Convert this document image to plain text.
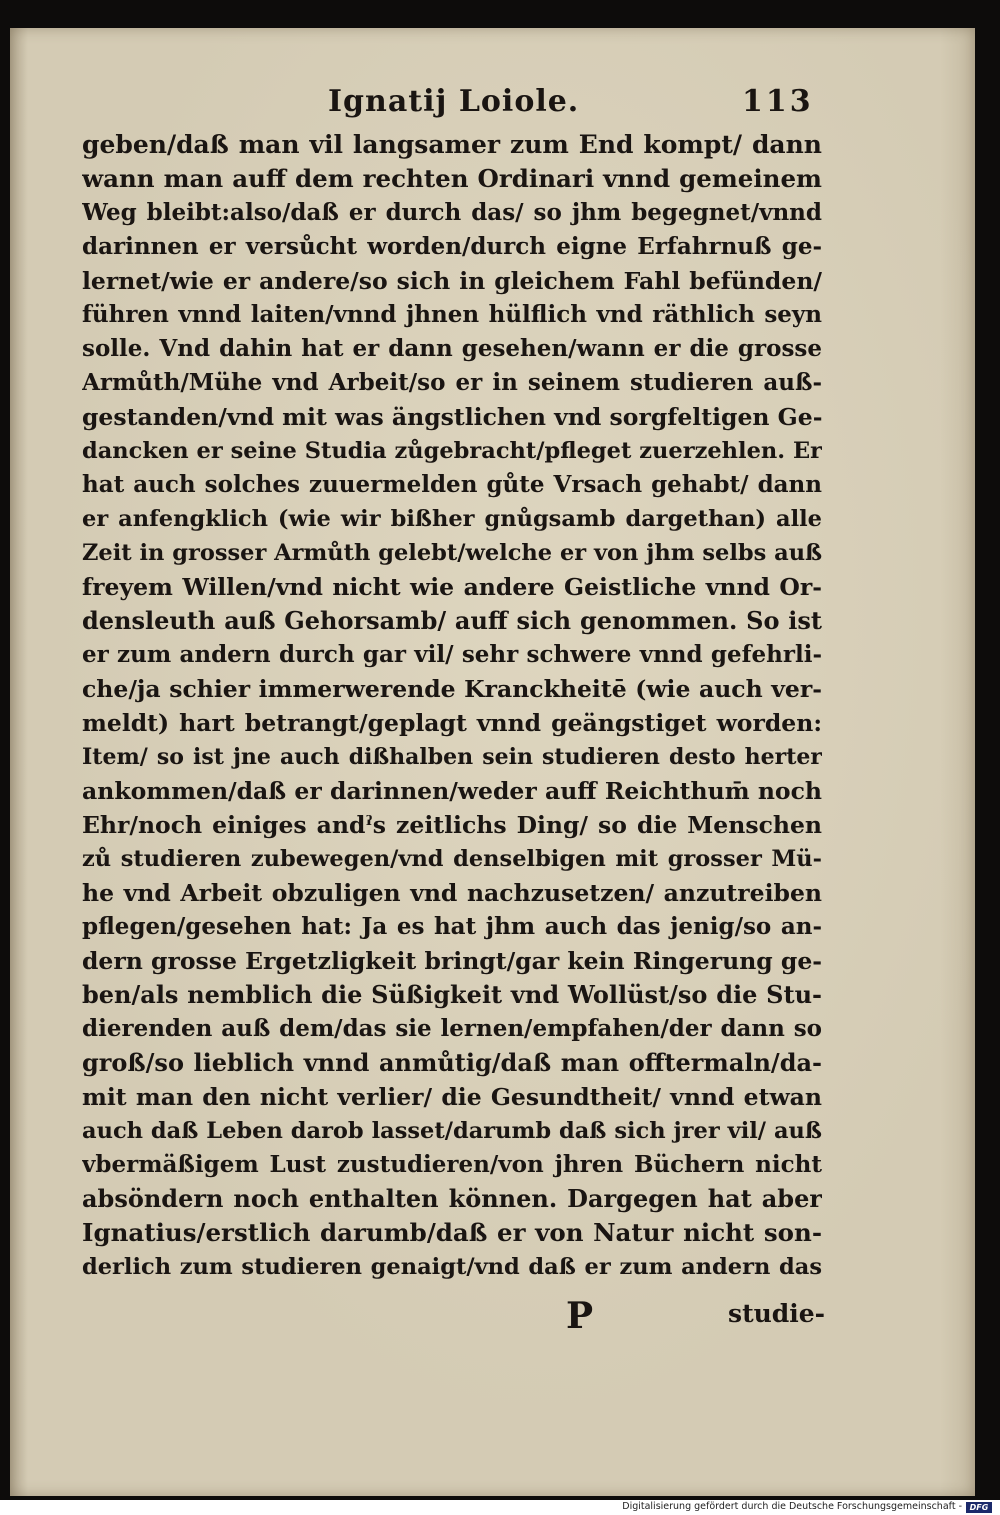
Ignatij Loiole.	113
geben/daß man vil langsamer zum End kompt/ dann
wann man auff dem rechten Ordinari vnnd gemeinem
Weg bleibt:also/daß er durch das/ so jhm begegnet/vnnd
darinnen er versůcht worden/durch eigne Erfahrnuß ge-
lernet/wie er andere/so sich in gleichem Fahl befünden/
führen vnnd laiten/vnnd jhnen hülflich vnd räthlich seyn
solle. Vnd dahin hat er dann gesehen/wann er die grosse
Armůth/Mühe vnd Arbeit/so er in seinem studieren auß-
gestanden/vnd mit was ängstlichen vnd sorgfeltigen Ge-
dancken er seine Studia zůgebracht/pfleget zuerzehlen. Er
hat auch solches zuuermelden gůte Vrsach gehabt/ dann
er anfengklich (wie wir bißher gnůgsamb dargethan) alle
Zeit in grosser Armůth gelebt/welche er von jhm selbs auß
freyem Willen/vnd nicht wie andere Geistliche vnnd Or-
densleuth auß Gehorsamb/ auff sich genommen. So ist
er zum andern durch gar vil/ sehr schwere vnnd gefehrli-
che/ja schier immerwerende Kranckheitē (wie auch ver-
meldt) hart betrangt/geplagt vnnd geängstiget worden:
Item/ so ist jne auch dißhalben sein studieren desto herter
ankommen/daß er darinnen/weder auff Reichthum̄ noch
Ehr/noch einiges andˀs zeitlichs Ding/ so die Menschen
zů studieren zubewegen/vnd denselbigen mit grosser Mü-
he vnd Arbeit obzuligen vnd nachzusetzen/ anzutreiben
pflegen/gesehen hat: Ja es hat jhm auch das jenig/so an-
dern grosse Ergetzligkeit bringt/gar kein Ringerung ge-
ben/als nemblich die Süßigkeit vnd Wollüst/so die Stu-
dierenden auß dem/das sie lernen/empfahen/der dann so
groß/so lieblich vnnd anmůtig/daß man offtermaln/da-
mit man den nicht verlier/ die Gesundtheit/ vnnd etwan
auch daß Leben darob lasset/darumb daß sich jrer vil/ auß
vbermäßigem Lust zustudieren/von jhren Büchern nicht
absöndern noch enthalten können. Dargegen hat aber
Ignatius/erstlich darumb/daß er von Natur nicht son-
derlich zum studieren genaigt/vnd daß er zum andern das
P	studie-
Digitalisierung gefördert durch die Deutsche Forschungsgemeinschaft - DFG
